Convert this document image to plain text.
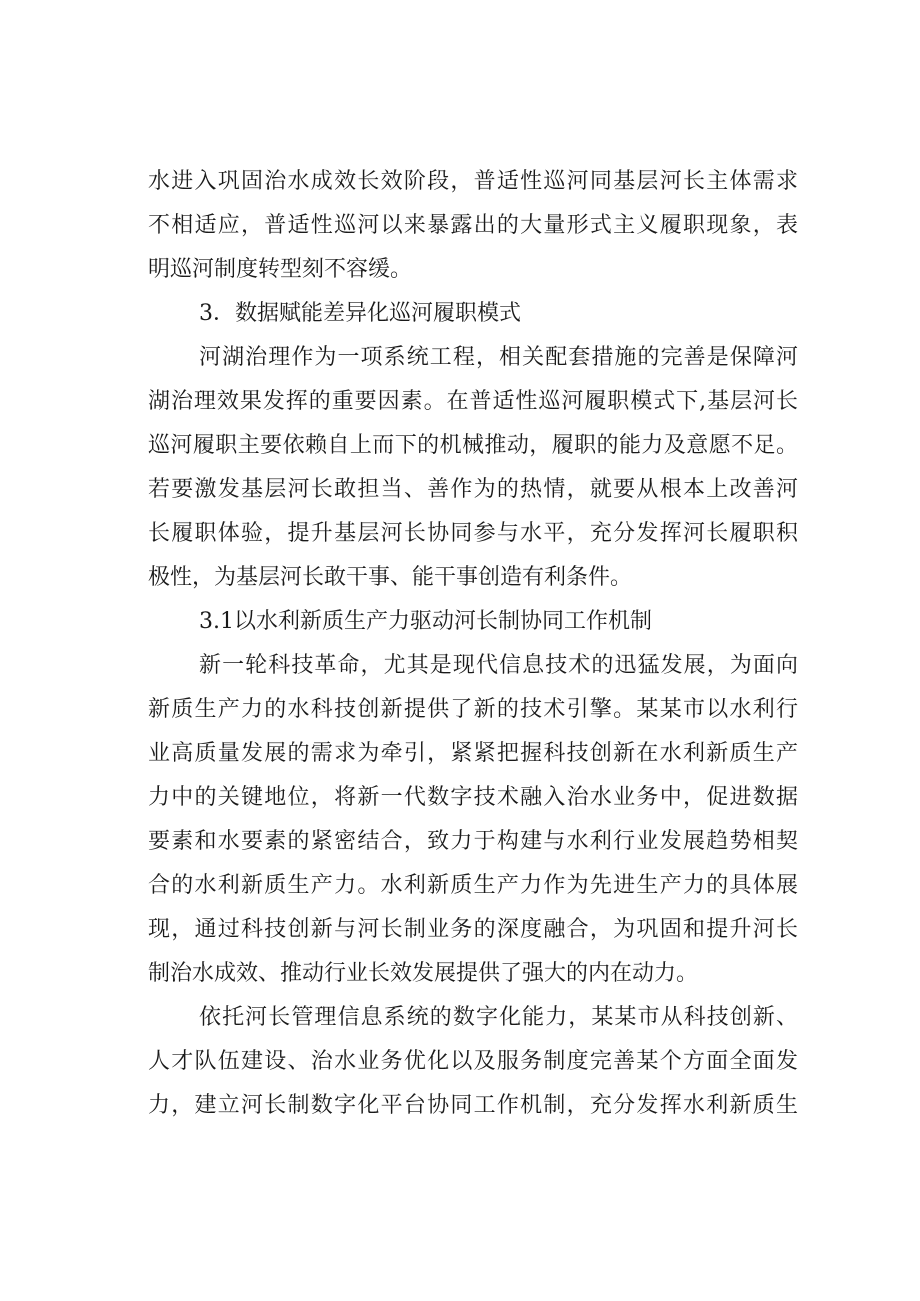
水进入巩固治水成效长效阶段，普适性巡河同基层河长主体需求
不相适应，普适性巡河以来暴露出的大量形式主义履职现象，表
明巡河制度转型刻不容缓。
3．数据赋能差异化巡河履职模式
河湖治理作为一项系统工程，相关配套措施的完善是保障河
湖治理效果发挥的重要因素。在普适性巡河履职模式下,基层河长
巡河履职主要依赖自上而下的机械推动，履职的能力及意愿不足。
若要激发基层河长敢担当、善作为的热情，就要从根本上改善河
长履职体验，提升基层河长协同参与水平，充分发挥河长履职积
极性，为基层河长敢干事、能干事创造有利条件。
3.1以水利新质生产力驱动河长制协同工作机制
新一轮科技革命，尤其是现代信息技术的迅猛发展，为面向
新质生产力的水科技创新提供了新的技术引擎。某某市以水利行
业高质量发展的需求为牵引，紧紧把握科技创新在水利新质生产
力中的关键地位，将新一代数字技术融入治水业务中，促进数据
要素和水要素的紧密结合，致力于构建与水利行业发展趋势相契
合的水利新质生产力。水利新质生产力作为先进生产力的具体展
现，通过科技创新与河长制业务的深度融合，为巩固和提升河长
制治水成效、推动行业长效发展提供了强大的内在动力。
依托河长管理信息系统的数字化能力，某某市从科技创新、
人才队伍建设、治水业务优化以及服务制度完善某个方面全面发
力，建立河长制数字化平台协同工作机制，充分发挥水利新质生
